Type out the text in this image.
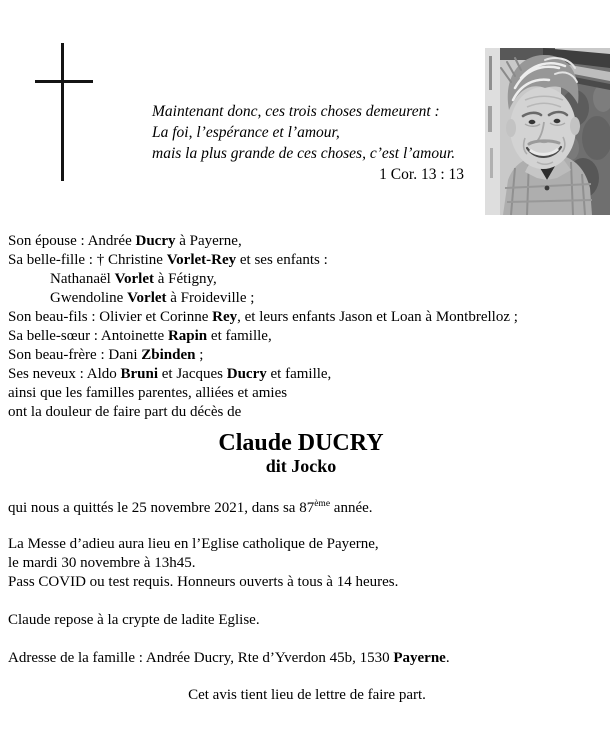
Maintenant donc, ces trois choses demeurent :
La foi, l’espérance et l’amour,
mais la plus grande de ces choses, c’est l’amour.
1 Cor. 13 : 13
Son épouse : Andrée Ducry à Payerne,
Sa belle-fille : † Christine Vorlet-Rey et ses enfants :
Nathanaël Vorlet à Fétigny,
Gwendoline Vorlet à Froideville ;
Son beau-fils : Olivier et Corinne Rey, et leurs enfants Jason et Loan à Montbrelloz ;
Sa belle-sœur : Antoinette Rapin et famille,
Son beau-frère : Dani Zbinden ;
Ses neveux : Aldo Bruni et Jacques Ducry et famille,
ainsi que les familles parentes, alliées et amies
ont la douleur de faire part du décès de
Claude DUCRY
dit Jocko
qui nous a quittés le 25 novembre 2021, dans sa 87ème année.
La Messe d’adieu aura lieu en l’Eglise catholique de Payerne,
le mardi 30 novembre à 13h45.
Pass COVID ou test requis. Honneurs ouverts à tous à 14 heures.
Claude repose à la crypte de ladite Eglise.
Adresse de la famille : Andrée Ducry, Rte d’Yverdon 45b, 1530 Payerne.
Cet avis tient lieu de lettre de faire part.
